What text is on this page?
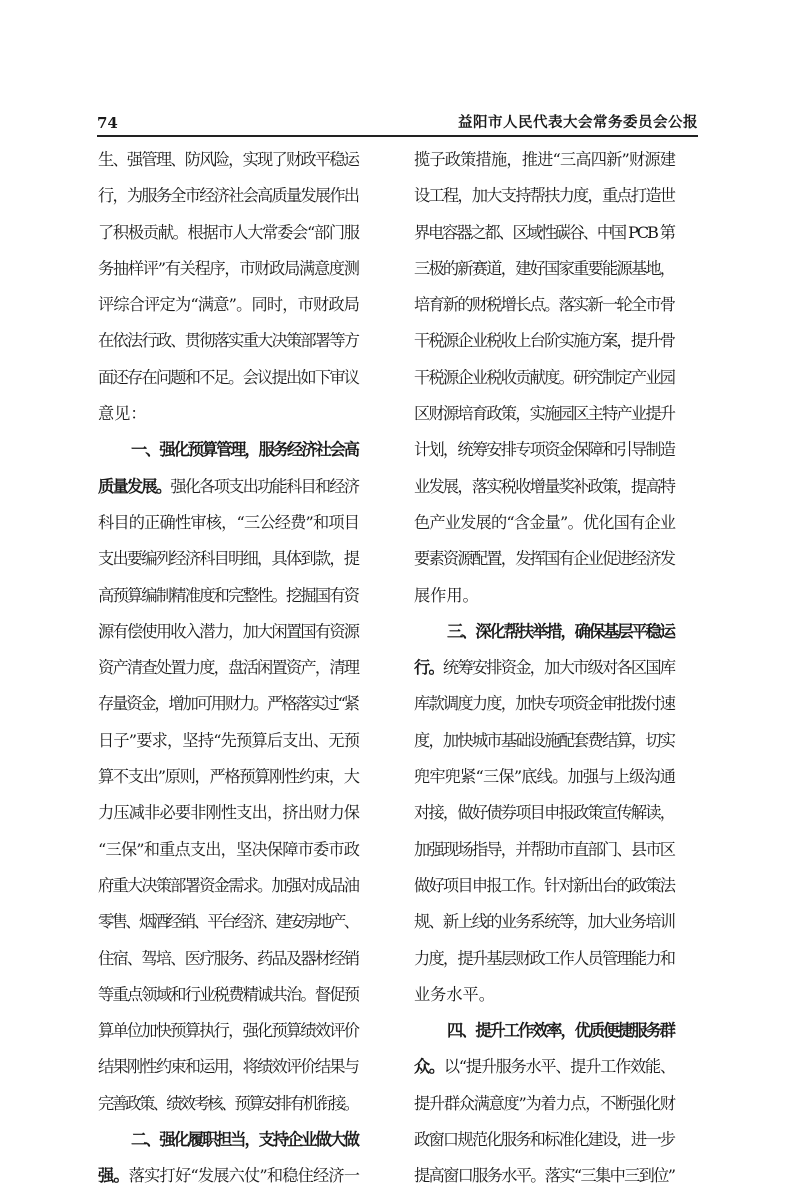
74	益阳市人民代表大会常务委员会公报
生、强管理、防风险，实现了财政平稳运
行，为服务全市经济社会高质量发展作出
了积极贡献。根据市人大常委会“部门服
务抽样评”有关程序，市财政局满意度测
评综合评定为“满意”。同时，市财政局
在依法行政、贯彻落实重大决策部署等方
面还存在问题和不足。会议提出如下审议
意见：
一、强化预算管理，服务经济社会高
质量发展。强化各项支出功能科目和经济
科目的正确性审核，“三公经费”和项目
支出要编列经济科目明细，具体到款，提
高预算编制精准度和完整性。挖掘国有资
源有偿使用收入潜力，加大闲置国有资源
资产清查处置力度，盘活闲置资产，清理
存量资金，增加可用财力。严格落实过“紧
日子”要求，坚持“先预算后支出、无预
算不支出”原则，严格预算刚性约束，大
力压减非必要非刚性支出，挤出财力保
“三保”和重点支出，坚决保障市委市政
府重大决策部署资金需求。加强对成品油
零售、烟酒经销、平台经济、建安房地产、
住宿、驾培、医疗服务、药品及器材经销
等重点领域和行业税费精诚共治。督促预
算单位加快预算执行，强化预算绩效评价
结果刚性约束和运用，将绩效评价结果与
完善政策、绩效考核、预算安排有机衔接。
二、强化履职担当，支持企业做大做
强。落实打好“发展六仗”和稳住经济一
揽子政策措施，推进“三高四新”财源建
设工程，加大支持帮扶力度，重点打造世
界电容器之都、区域性碳谷、中国 PCB 第
三极的新赛道，建好国家重要能源基地，
培育新的财税增长点。落实新一轮全市骨
干税源企业税收上台阶实施方案，提升骨
干税源企业税收贡献度。研究制定产业园
区财源培育政策，实施园区主特产业提升
计划，统筹安排专项资金保障和引导制造
业发展，落实税收增量奖补政策，提高特
色产业发展的“含金量”。优化国有企业
要素资源配置，发挥国有企业促进经济发
展作用。
三、深化帮扶举措，确保基层平稳运
行。统筹安排资金，加大市级对各区国库
库款调度力度，加快专项资金审批拨付速
度，加快城市基础设施配套费结算，切实
兜牢兜紧“三保”底线。加强与上级沟通
对接，做好债券项目申报政策宣传解读，
加强现场指导，并帮助市直部门、县市区
做好项目申报工作。针对新出台的政策法
规、新上线的业务系统等，加大业务培训
力度，提升基层财政工作人员管理能力和
业务水平。
四、提升工作效率，优质便捷服务群
众。以“提升服务水平、提升工作效能、
提升群众满意度”为着力点，不断强化财
政窗口规范化服务和标准化建设，进一步
提高窗口服务水平。落实“三集中三到位”
